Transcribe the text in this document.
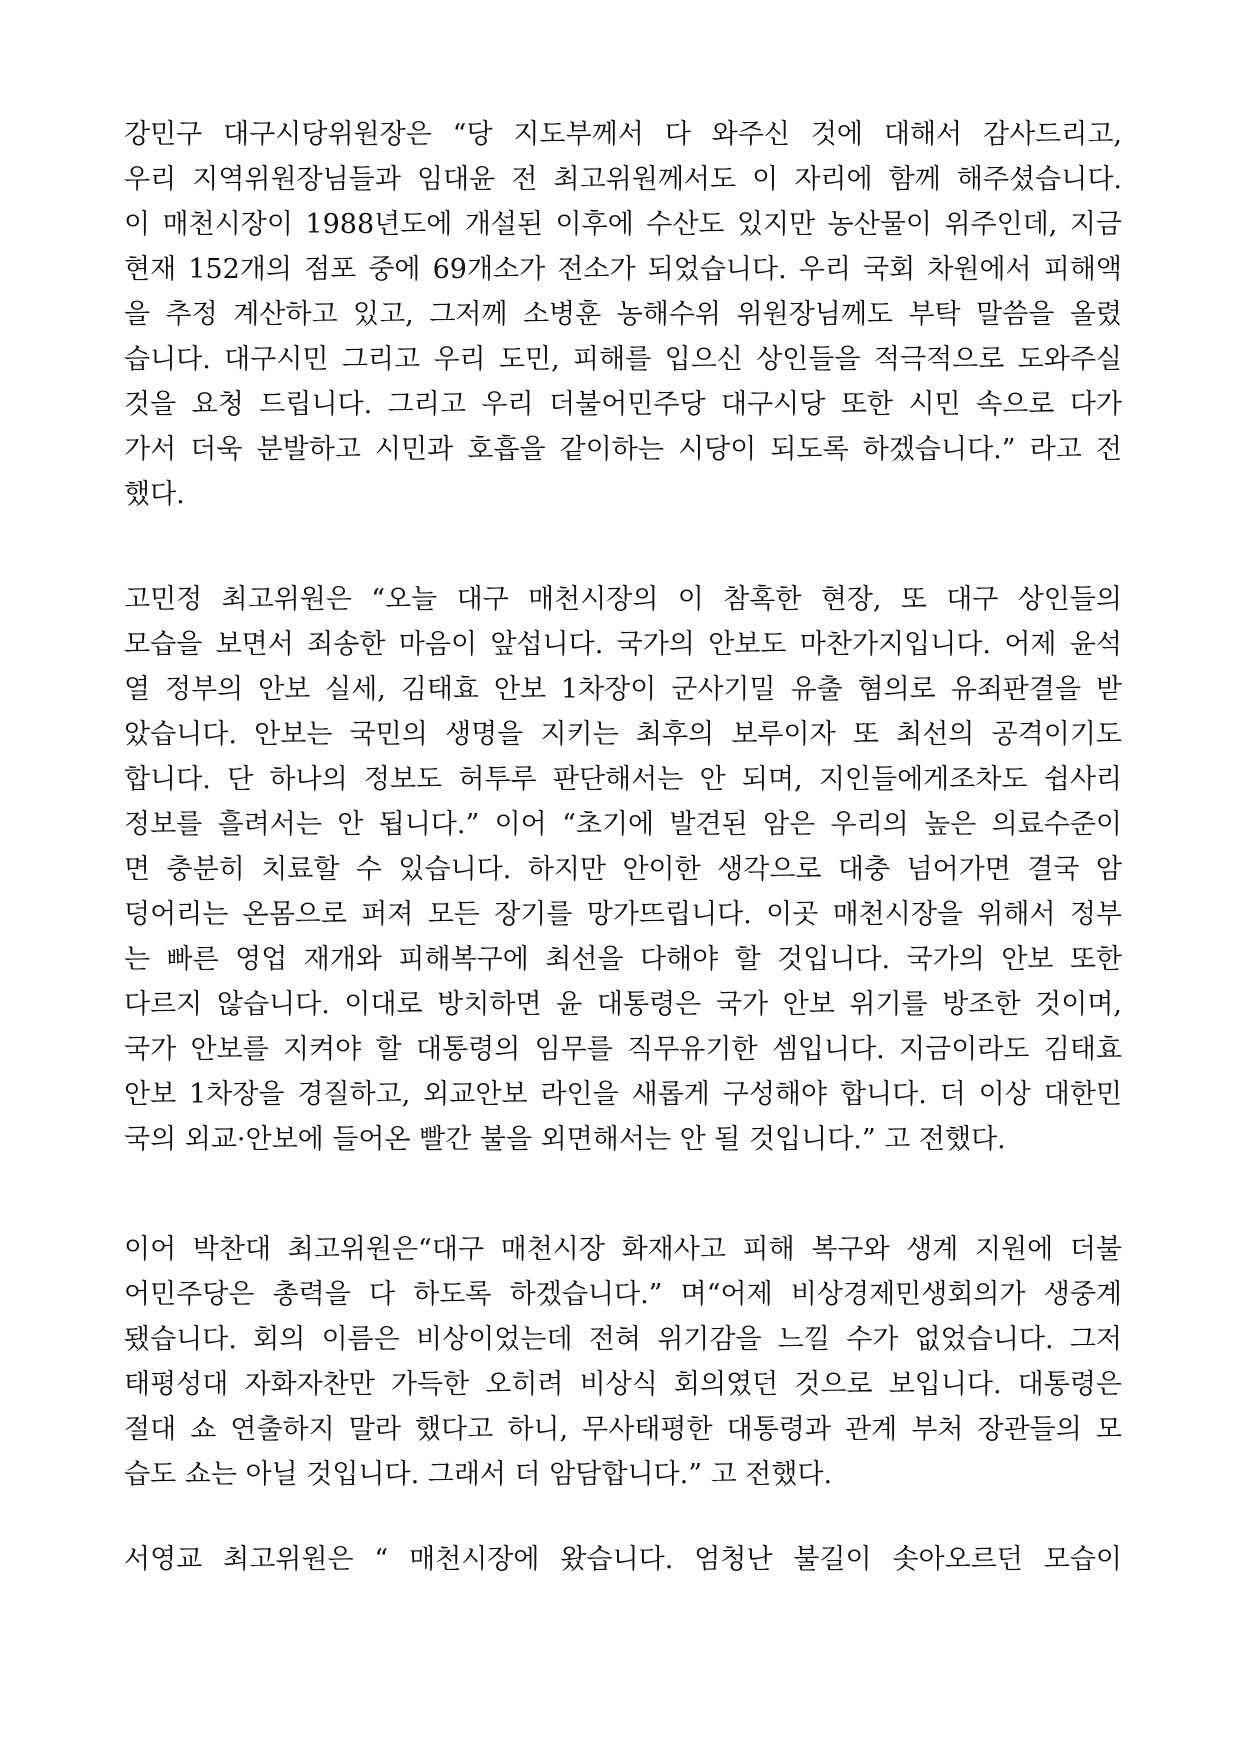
강민구 대구시당위원장은 “당 지도부께서 다 와주신 것에 대해서 감사드리고,
우리 지역위원장님들과 임대윤 전 최고위원께서도 이 자리에 함께 해주셨습니다.
이 매천시장이 1988년도에 개설된 이후에 수산도 있지만 농산물이 위주인데, 지금
현재 152개의 점포 중에 69개소가 전소가 되었습니다. 우리 국회 차원에서 피해액
을 추정 계산하고 있고, 그저께 소병훈 농해수위 위원장님께도 부탁 말씀을 올렸
습니다. 대구시민 그리고 우리 도민, 피해를 입으신 상인들을 적극적으로 도와주실
것을 요청 드립니다. 그리고 우리 더불어민주당 대구시당 또한 시민 속으로 다가
가서 더욱 분발하고 시민과 호흡을 같이하는 시당이 되도록 하겠습니다.” 라고 전
했다.
고민정 최고위원은 “오늘 대구 매천시장의 이 참혹한 현장, 또 대구 상인들의
모습을 보면서 죄송한 마음이 앞섭니다. 국가의 안보도 마찬가지입니다. 어제 윤석
열 정부의 안보 실세, 김태효 안보 1차장이 군사기밀 유출 혐의로 유죄판결을 받
았습니다. 안보는 국민의 생명을 지키는 최후의 보루이자 또 최선의 공격이기도
합니다. 단 하나의 정보도 허투루 판단해서는 안 되며, 지인들에게조차도 쉽사리
정보를 흘려서는 안 됩니다.” 이어 “초기에 발견된 암은 우리의 높은 의료수준이
면 충분히 치료할 수 있습니다. 하지만 안이한 생각으로 대충 넘어가면 결국 암
덩어리는 온몸으로 퍼져 모든 장기를 망가뜨립니다. 이곳 매천시장을 위해서 정부
는 빠른 영업 재개와 피해복구에 최선을 다해야 할 것입니다. 국가의 안보 또한
다르지 않습니다. 이대로 방치하면 윤 대통령은 국가 안보 위기를 방조한 것이며,
국가 안보를 지켜야 할 대통령의 임무를 직무유기한 셈입니다. 지금이라도 김태효
안보 1차장을 경질하고, 외교안보 라인을 새롭게 구성해야 합니다. 더 이상 대한민
국의 외교·안보에 들어온 빨간 불을 외면해서는 안 될 것입니다.” 고 전했다.
이어 박찬대 최고위원은“대구 매천시장 화재사고 피해 복구와 생계 지원에 더불
어민주당은 총력을 다 하도록 하겠습니다.” 며“어제 비상경제민생회의가 생중계
됐습니다. 회의 이름은 비상이었는데 전혀 위기감을 느낄 수가 없었습니다. 그저
태평성대 자화자찬만 가득한 오히려 비상식 회의였던 것으로 보입니다. 대통령은
절대 쇼 연출하지 말라 했다고 하니, 무사태평한 대통령과 관계 부처 장관들의 모
습도 쇼는 아닐 것입니다. 그래서 더 암담합니다.” 고 전했다.
서영교 최고위원은 “ 매천시장에 왔습니다. 엄청난 불길이 솟아오르던 모습이
